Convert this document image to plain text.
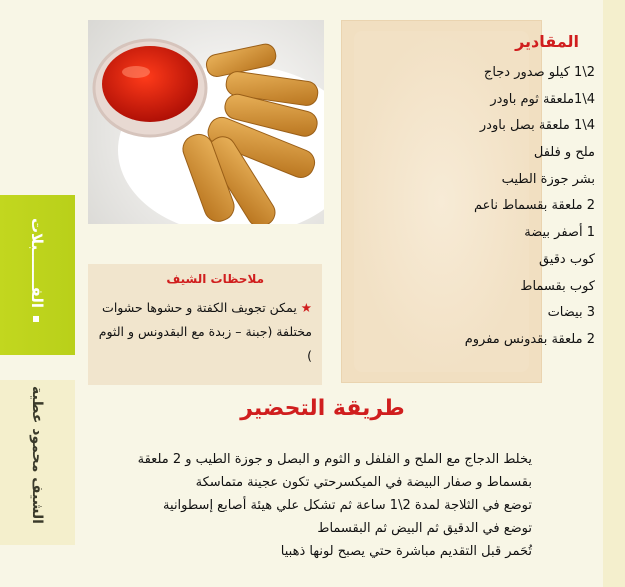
الفـــــــبلات
الشيف محمود عطية
المقادير
2\1 كيلو صدور دجاج
4\1ملعقة ثوم باودر
4\1 ملعقة بصل باودر
ملح و فلفل
بشر جوزة الطيب
2 ملعقة بقسماط ناعم
1 أصفر بيضة
كوب دقيق
كوب بقسماط
3 بيضات
2 ملعقة بقدونس مفروم
ملاحظات الشيف
★ يمكن تجويف الكفتة و حشوها حشوات مختلفة (جبنة – زبدة مع البقدونس و الثوم )
طريقة التحضير
يخلط الدجاج مع الملح و الفلفل و الثوم و البصل و جوزة الطيب و 2 ملعقة
بقسماط و صفار البيضة في الميكسرحتي تكون عجينة متماسكة
توضع في الثلاجة لمدة 2\1 ساعة ثم تشكل علي هيئة أصابع إسطوانية
توضع في الدقيق ثم البيض ثم البقسماط
تُحَمر قبل التقديم مباشرة حتي يصبح لونها ذهبيا
